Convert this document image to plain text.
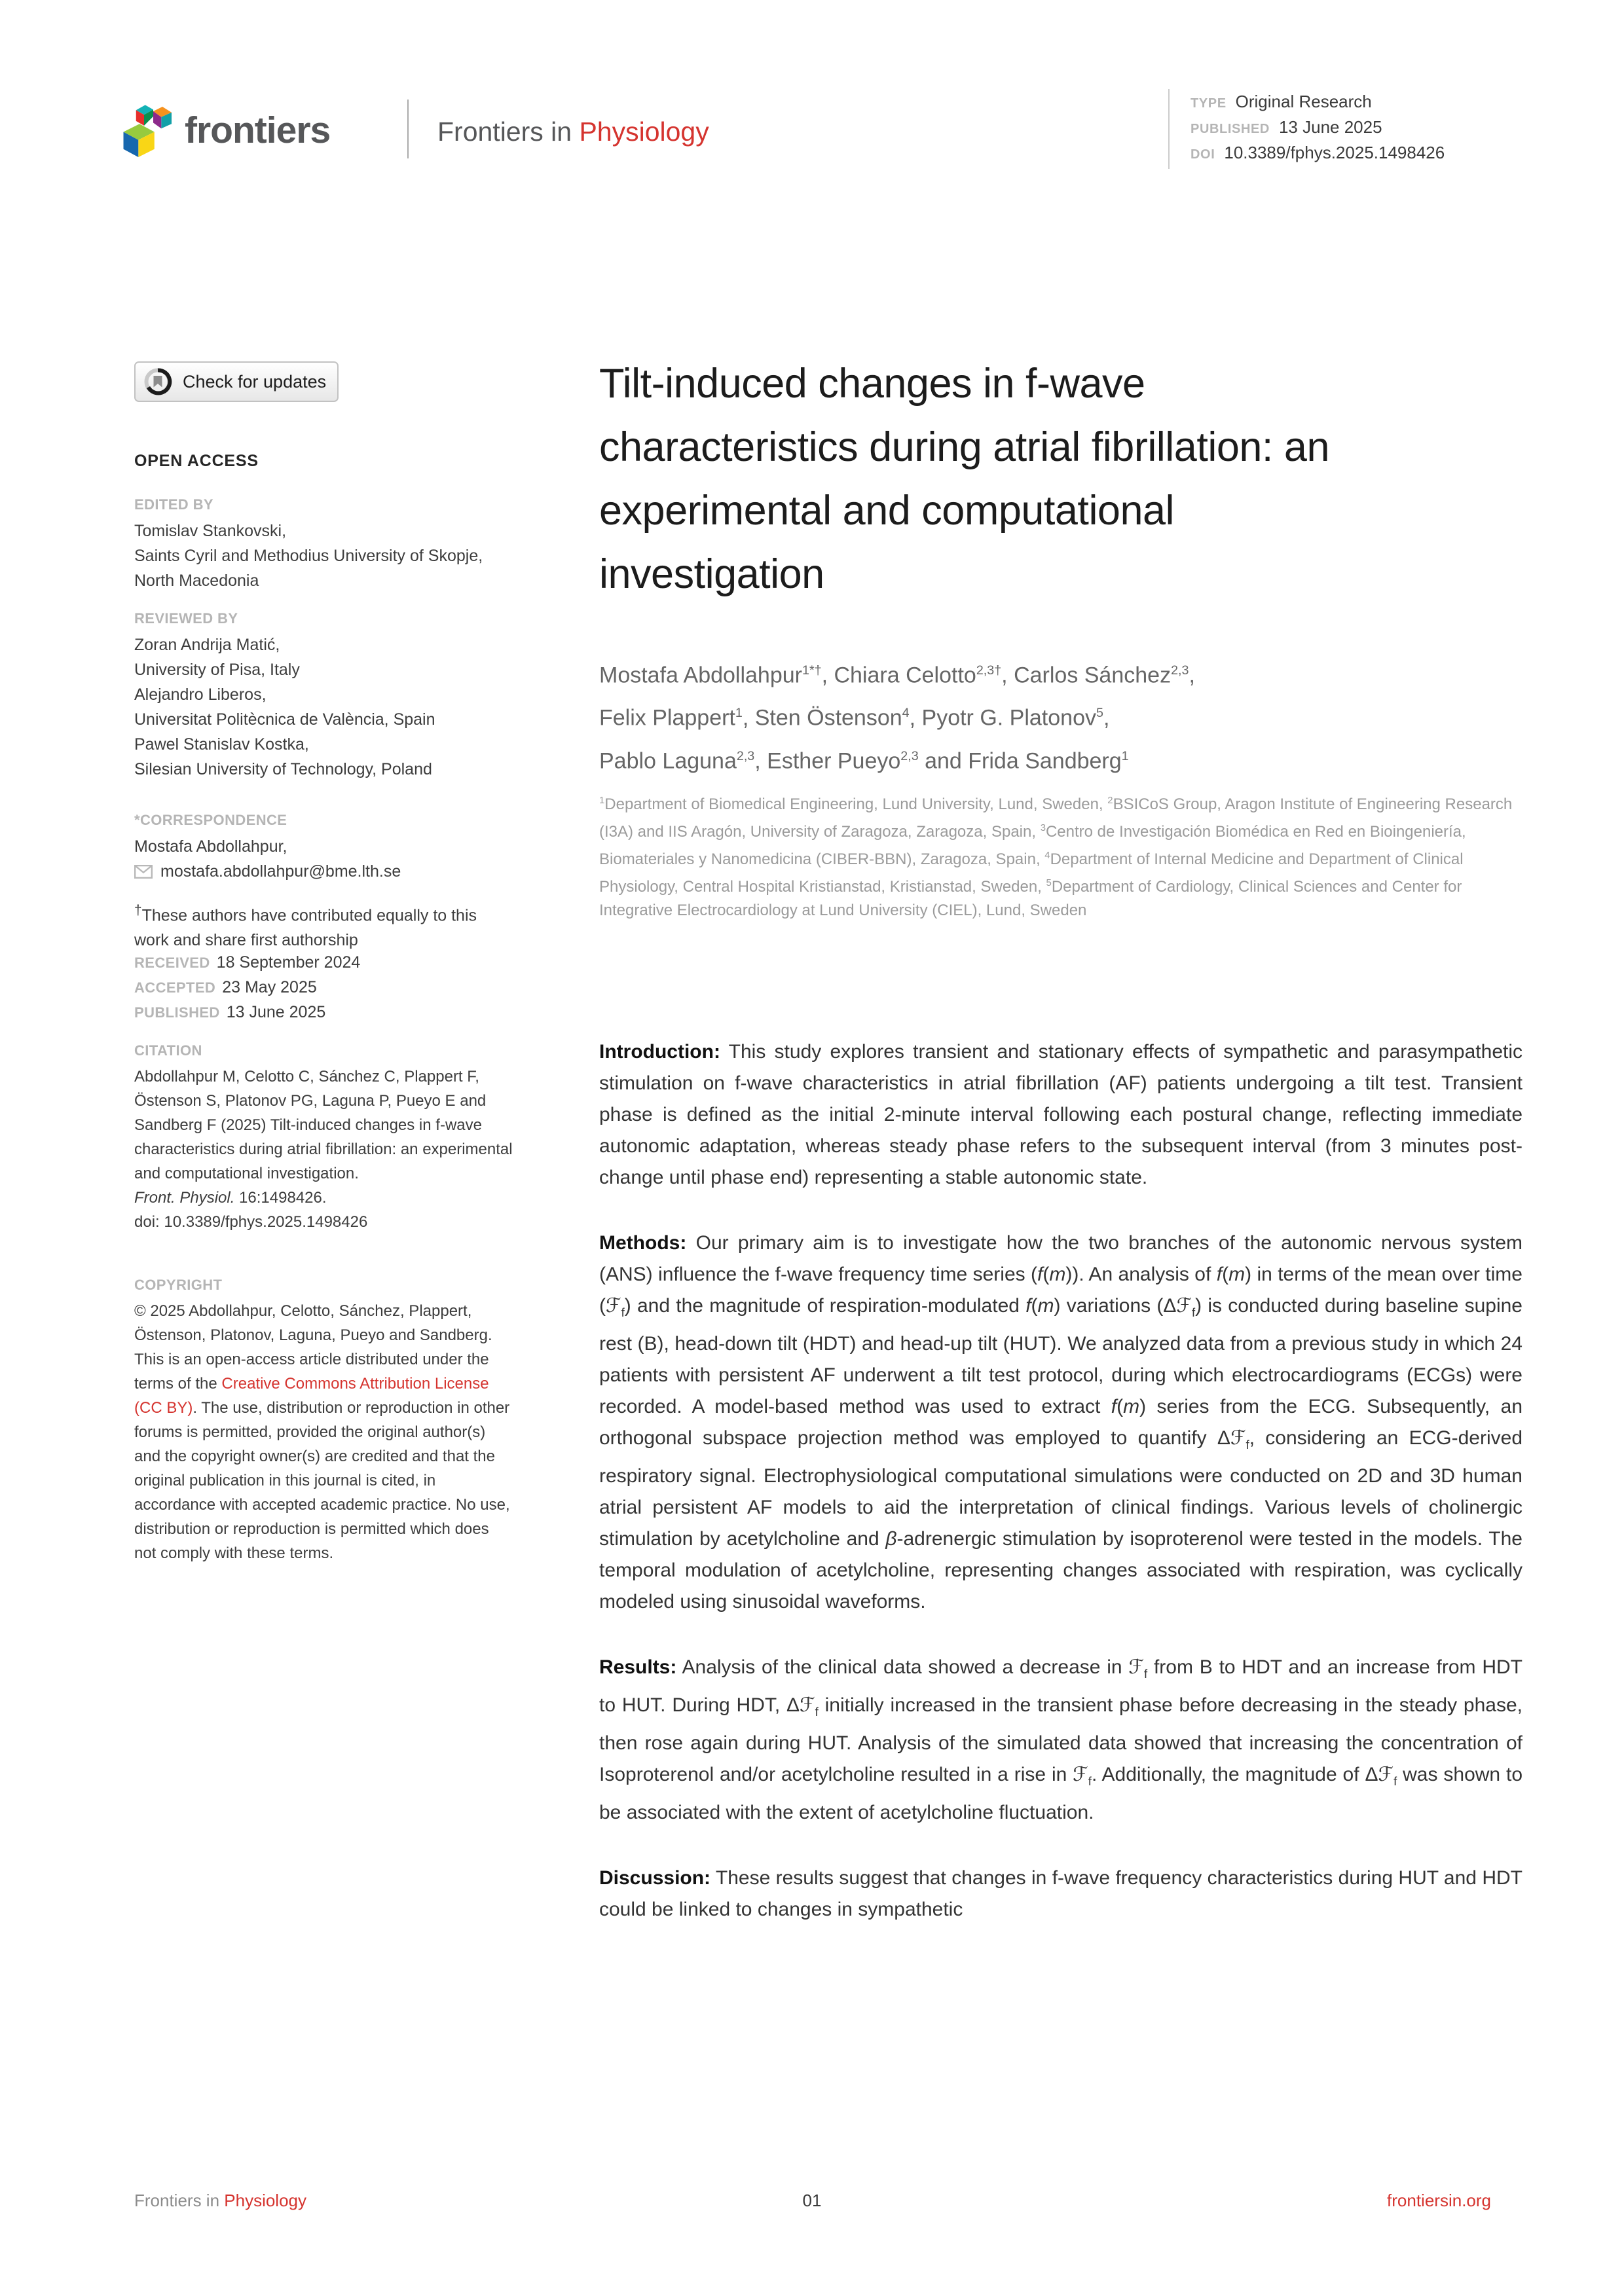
frontiers	Frontiers in Physiology
TYPE Original Research
PUBLISHED 13 June 2025
DOI 10.3389/fphys.2025.1498426
Check for updates
OPEN ACCESS
EDITED BY
Tomislav Stankovski,
Saints Cyril and Methodius University of Skopje, North Macedonia
REVIEWED BY
Zoran Andrija Matić,
University of Pisa, Italy
Alejandro Liberos,
Universitat Politècnica de València, Spain
Pawel Stanislav Kostka,
Silesian University of Technology, Poland
*CORRESPONDENCE
Mostafa Abdollahpur,
mostafa.abdollahpur@bme.lth.se
†These authors have contributed equally to this work and share first authorship
RECEIVED 18 September 2024
ACCEPTED 23 May 2025
PUBLISHED 13 June 2025
CITATION
Abdollahpur M, Celotto C, Sánchez C, Plappert F, Östenson S, Platonov PG, Laguna P, Pueyo E and Sandberg F (2025) Tilt-induced changes in f-wave characteristics during atrial fibrillation: an experimental and computational investigation.
Front. Physiol. 16:1498426.
doi: 10.3389/fphys.2025.1498426
COPYRIGHT
© 2025 Abdollahpur, Celotto, Sánchez, Plappert, Östenson, Platonov, Laguna, Pueyo and Sandberg. This is an open-access article distributed under the terms of the Creative Commons Attribution License (CC BY). The use, distribution or reproduction in other forums is permitted, provided the original author(s) and the copyright owner(s) are credited and that the original publication in this journal is cited, in accordance with accepted academic practice. No use, distribution or reproduction is permitted which does not comply with these terms.
Tilt-induced changes in f-wave characteristics during atrial fibrillation: an experimental and computational investigation
Mostafa Abdollahpur$^{1*\dagger}$, Chiara Celotto$^{2,3\dagger}$, Carlos Sánchez$^{2,3}$,
Felix Plappert$^1$, Sten Östenson$^4$, Pyotr G. Platonov$^5$,
Pablo Laguna$^{2,3}$, Esther Pueyo$^{2,3}$ and Frida Sandberg$^1$
$^1$Department of Biomedical Engineering, Lund University, Lund, Sweden, $^2$BSICoS Group, Aragon Institute of Engineering Research (I3A) and IIS Aragón, University of Zaragoza, Zaragoza, Spain, $^3$Centro de Investigación Biomédica en Red en Bioingeniería, Biomateriales y Nanomedicina (CIBER-BBN), Zaragoza, Spain, $^4$Department of Internal Medicine and Department of Clinical Physiology, Central Hospital Kristianstad, Kristianstad, Sweden, $^5$Department of Cardiology, Clinical Sciences and Center for Integrative Electrocardiology at Lund University (CIEL), Lund, Sweden

Introduction: This study explores transient and stationary effects of sympathetic and parasympathetic stimulation on f-wave characteristics in atrial fibrillation (AF) patients undergoing a tilt test. Transient phase is defined as the initial 2-minute interval following each postural change, reflecting immediate autonomic adaptation, whereas steady phase refers to the subsequent interval (from 3 minutes post-change until phase end) representing a stable autonomic state.

Methods: Our primary aim is to investigate how the two branches of the autonomic nervous system (ANS) influence the f-wave frequency time series (f(m)). An analysis of f(m) in terms of the mean over time (ℱ$_f$) and the magnitude of respiration-modulated f(m) variations (Δℱ$_f$) is conducted during baseline supine rest (B), head-down tilt (HDT) and head-up tilt (HUT). We analyzed data from a previous study in which 24 patients with persistent AF underwent a tilt test protocol, during which electrocardiograms (ECGs) were recorded. A model-based method was used to extract f(m) series from the ECG. Subsequently, an orthogonal subspace projection method was employed to quantify Δℱ$_f$, considering an ECG-derived respiratory signal. Electrophysiological computational simulations were conducted on 2D and 3D human atrial persistent AF models to aid the interpretation of clinical findings. Various levels of cholinergic stimulation by acetylcholine and β-adrenergic stimulation by isoproterenol were tested in the models. The temporal modulation of acetylcholine, representing changes associated with respiration, was cyclically modeled using sinusoidal waveforms.

Results: Analysis of the clinical data showed a decrease in ℱ$_f$ from B to HDT and an increase from HDT to HUT. During HDT, Δℱ$_f$ initially increased in the transient phase before decreasing in the steady phase, then rose again during HUT. Analysis of the simulated data showed that increasing the concentration of Isoproterenol and/or acetylcholine resulted in a rise in ℱ$_f$. Additionally, the magnitude of Δℱ$_f$ was shown to be associated with the extent of acetylcholine fluctuation.

Discussion: These results suggest that changes in f-wave frequency characteristics during HUT and HDT could be linked to changes in sympathetic

Frontiers in Physiology	01	frontiersin.org
